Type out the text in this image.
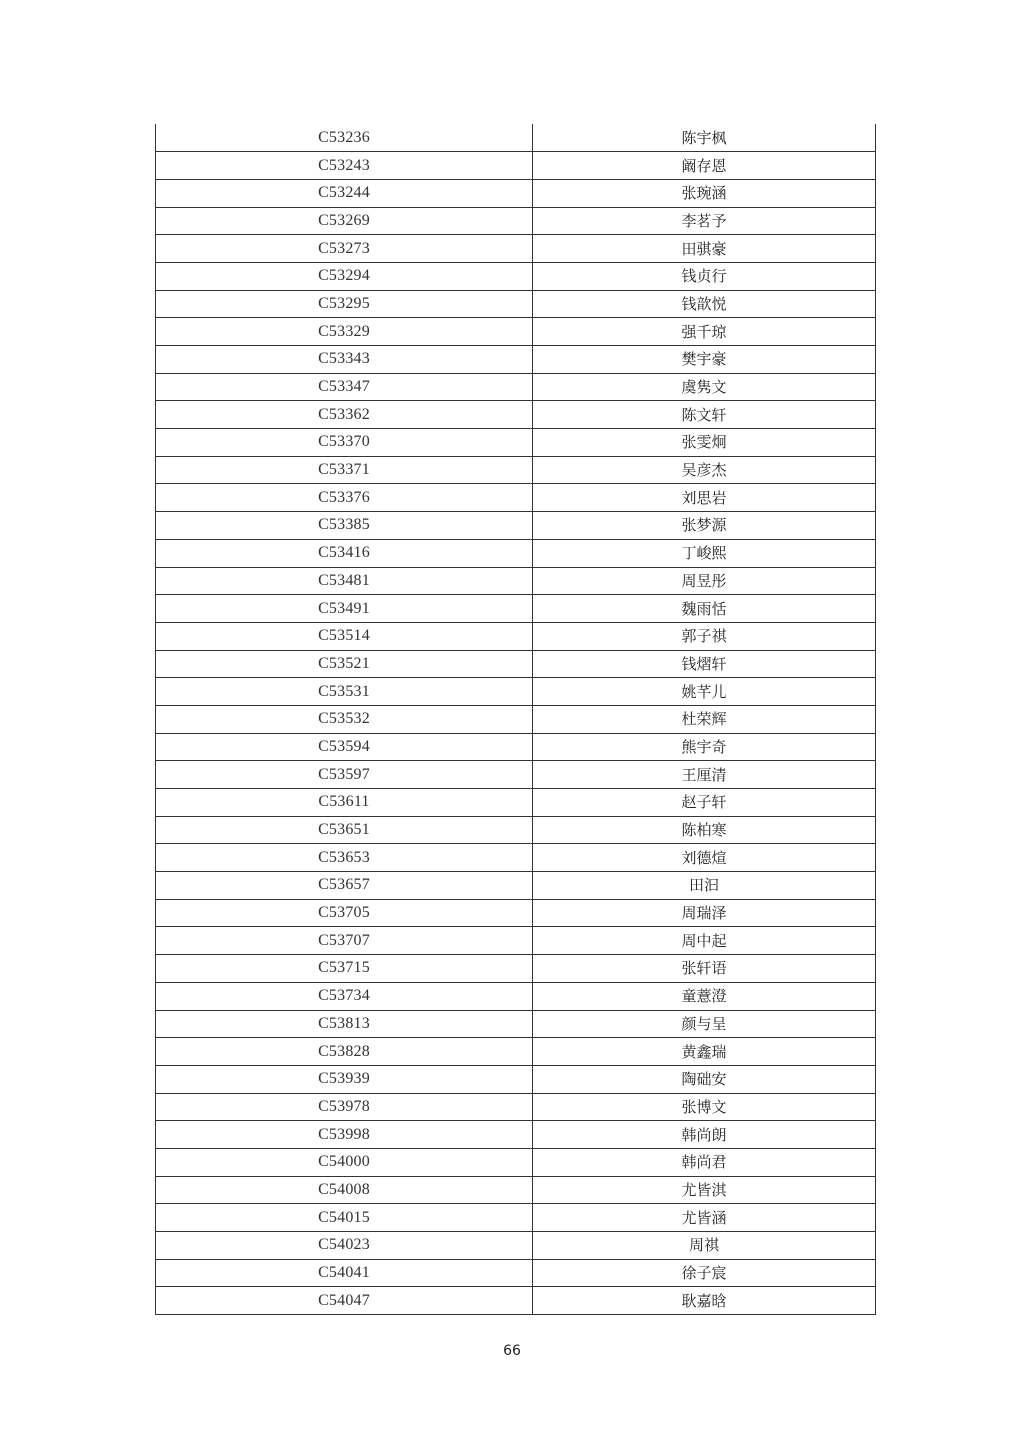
C53236	陈宇枫
C53243	阚存恩
C53244	张琬涵
C53269	李茗予
C53273	田骐豪
C53294	钱贞行
C53295	钱歆悦
C53329	强千琼
C53343	樊宇豪
C53347	虞隽文
C53362	陈文轩
C53370	张雯炯
C53371	吴彦杰
C53376	刘思岩
C53385	张梦源
C53416	丁峻熙
C53481	周昱彤
C53491	魏雨恬
C53514	郭子祺
C53521	钱熠轩
C53531	姚芊儿
C53532	杜荣辉
C53594	熊宇奇
C53597	王厘清
C53611	赵子轩
C53651	陈柏寒
C53653	刘德煊
C53657	田汩
C53705	周瑞泽
C53707	周中起
C53715	张轩语
C53734	童薏澄
C53813	颜与呈
C53828	黄鑫瑞
C53939	陶础安
C53978	张博文
C53998	韩尚朗
C54000	韩尚君
C54008	尤皆淇
C54015	尤皆涵
C54023	周祺
C54041	徐子宸
C54047	耿嘉晗
66
